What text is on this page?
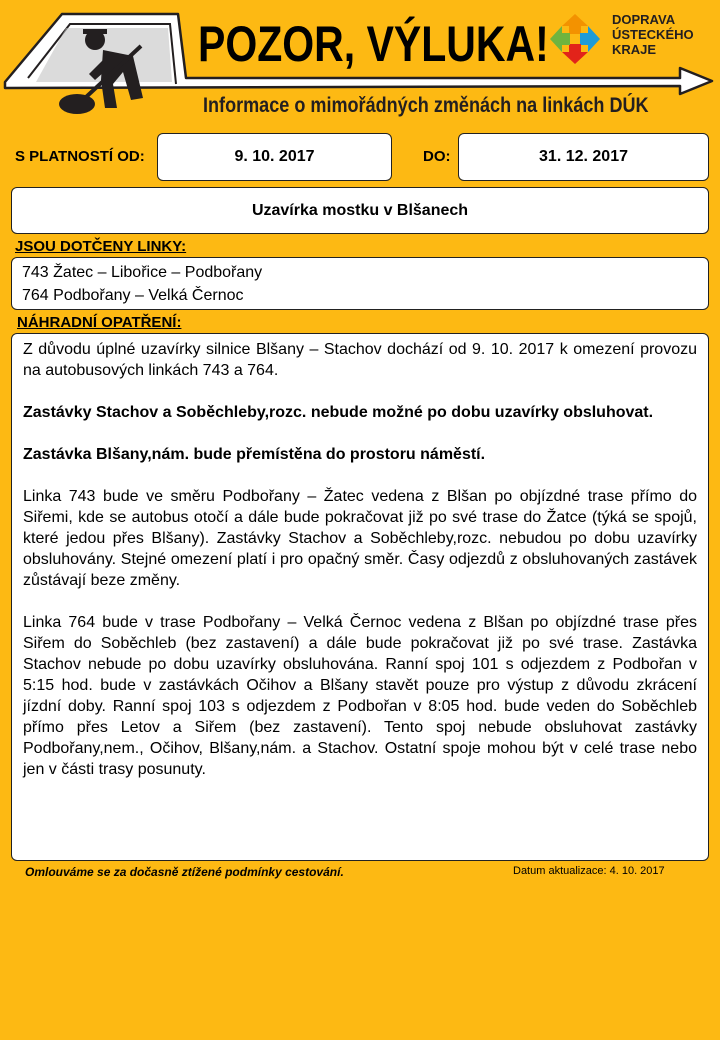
POZOR, VÝLUKA!
Informace o mimořádných změnách na linkách DÚK
DOPRAVA
ÚSTECKÉHO
KRAJE
S PLATNOSTÍ OD:	9. 10. 2017	DO:	31. 12. 2017
Uzavírka mostku v Blšanech
JSOU DOTČENY LINKY:
743 Žatec – Libořice – Podbořany
764 Podbořany – Velká Černoc
NÁHRADNÍ OPATŘENÍ:

Z důvodu úplné uzavírky silnice Blšany – Stachov dochází od 9. 10. 2017 k omezení provozu na autobusových linkách 743 a 764.

Zastávky Stachov a Soběchleby,rozc. nebude možné po dobu uzavírky obsluhovat.

Zastávka Blšany,nám. bude přemístěna do prostoru náměstí.

Linka 743 bude ve směru Podbořany – Žatec vedena z Blšan po objízdné trase přímo do Siřemi, kde se autobus otočí a dále bude pokračovat již po své trase do Žatce (týká se spojů, které jedou přes Blšany). Zastávky Stachov a Soběchleby,rozc. nebudou po dobu uzavírky obsluhovány. Stejné omezení platí i pro opačný směr. Časy odjezdů z obsluhovaných zastávek zůstávají beze změny.

Linka 764 bude v trase Podbořany – Velká Černoc vedena z Blšan po objízdné trase přes Siřem do Soběchleb (bez zastavení) a dále bude pokračovat již po své trase. Zastávka Stachov nebude po dobu uzavírky obsluhována. Ranní spoj 101 s odjezdem z Podbořan v 5:15 hod. bude v zastávkách Očihov a Blšany stavět pouze pro výstup z důvodu zkrácení jízdní doby. Ranní spoj 103 s odjezdem z Podbořan v 8:05 hod. bude veden do Soběchleb přímo přes Letov a Siřem (bez zastavení). Tento spoj nebude obsluhovat zastávky Podbořany,nem., Očihov, Blšany,nám. a Stachov. Ostatní spoje mohou být v celé trase nebo jen v části trasy posunuty.

Omlouváme se za dočasně ztížené podmínky cestování.	Datum aktualizace: 4. 10. 2017
